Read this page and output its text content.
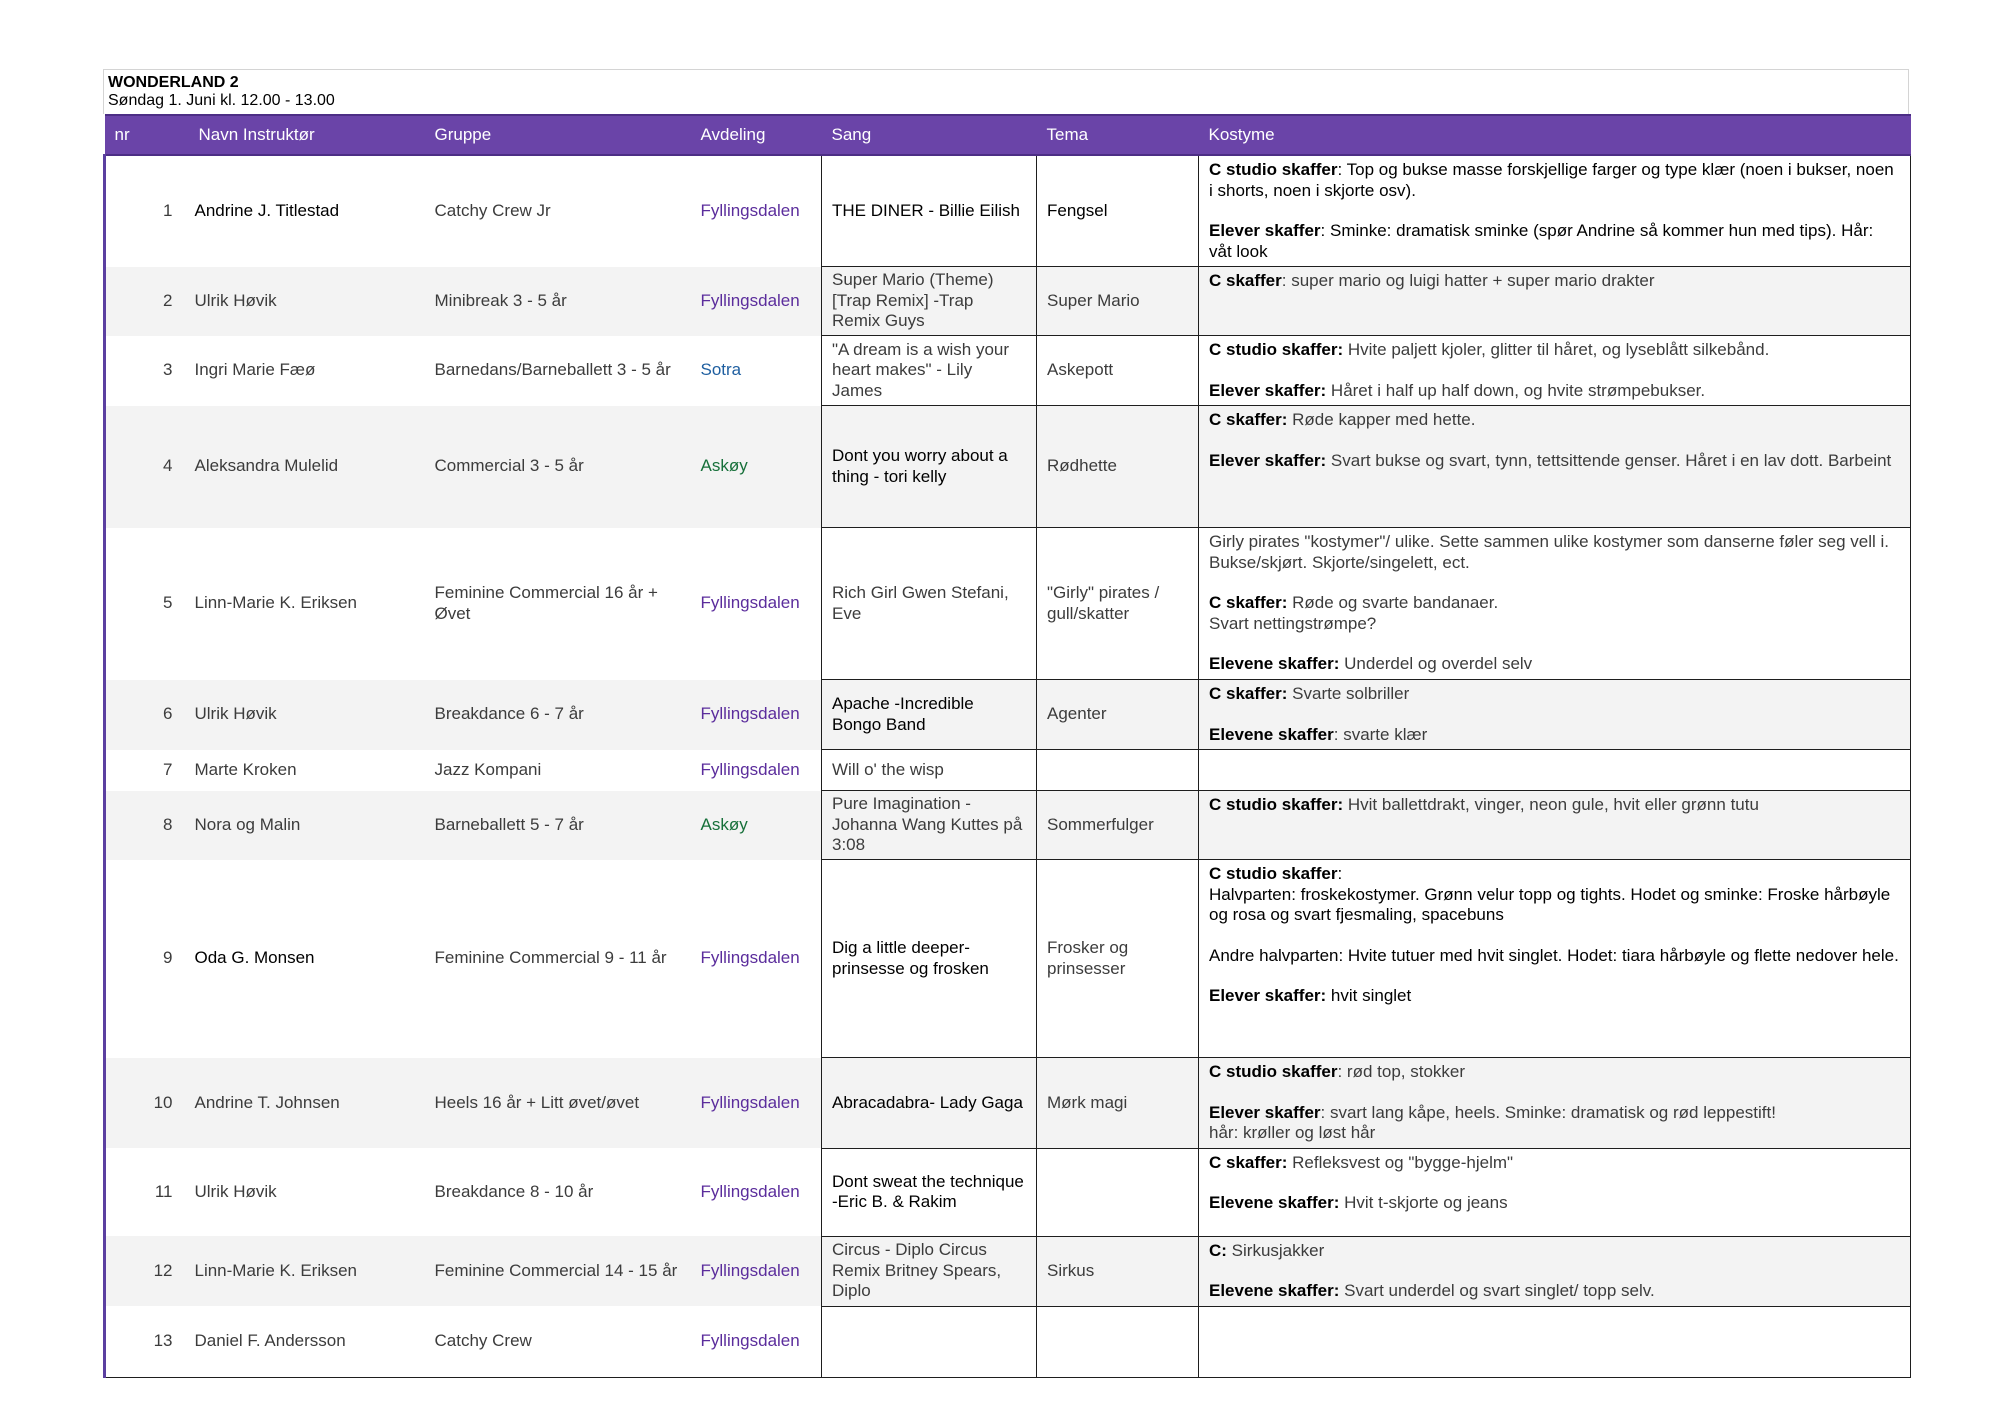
WONDERLAND 2
Søndag 1. Juni kl. 12.00 - 13.00
nr	Navn Instruktør	Gruppe	Avdeling	Sang	Tema	Kostyme
1	Andrine J. Titlestad	Catchy Crew Jr	Fyllingsdalen	THE DINER - Billie Eilish	Fengsel	C studio skaffer: Top og bukse masse forskjellige farger og type klær (noen i bukser, noen i shorts, noen i skjorte osv).
Elever skaffer: Sminke: dramatisk sminke (spør Andrine så kommer hun med tips). Hår: våt look

2	Ulrik Høvik	Minibreak 3 - 5 år	Fyllingsdalen	Super Mario (Theme) [Trap Remix] -Trap Remix Guys	Super Mario	C skaffer: super mario og luigi hatter + super mario drakter

3	Ingri Marie Fæø	Barnedans/Barneballett 3 - 5 år	Sotra	"A dream is a wish your heart makes" - Lily James	Askepott	C studio skaffer: Hvite paljett kjoler, glitter til håret, og lyseblått silkebånd.
Elever skaffer: Håret i half up half down, og hvite strømpebukser.

4	Aleksandra Mulelid	Commercial 3 - 5 år	Askøy	Dont you worry about a thing - tori kelly	Rødhette	C skaffer: Røde kapper med hette.
Elever skaffer: Svart bukse og svart, tynn, tettsittende genser. Håret i en lav dott. Barbeint

5	Linn-Marie K. Eriksen	Feminine Commercial 16 år + Øvet	Fyllingsdalen	Rich Girl Gwen Stefani, Eve	"Girly" pirates / gull/skatter	Girly pirates "kostymer"/ ulike. Sette sammen ulike kostymer som danserne føler seg vell i. Bukse/skjørt. Skjorte/singelett, ect.
C skaffer: Røde og svarte bandanaer.
Svart nettingstrømpe?
Elevene skaffer: Underdel og overdel selv

6	Ulrik Høvik	Breakdance 6 - 7 år	Fyllingsdalen	Apache -Incredible Bongo Band	Agenter	C skaffer: Svarte solbriller
Elevene skaffer: svarte klær

7	Marte Kroken	Jazz Kompani	Fyllingsdalen	Will o' the wisp		
8	Nora og Malin	Barneballett 5 - 7 år	Askøy	Pure Imagination - Johanna Wang Kuttes på 3:08	Sommerfulger	C studio skaffer: Hvit ballettdrakt, vinger, neon gule, hvit eller grønn tutu

9	Oda G. Monsen	Feminine Commercial 9 - 11 år	Fyllingsdalen	Dig a little deeper- prinsesse og frosken	Frosker og prinsesser	C studio skaffer:
Halvparten: froskekostymer. Grønn velur topp og tights. Hodet og sminke: Froske hårbøyle og rosa og svart fjesmaling, spacebuns
Andre halvparten: Hvite tutuer med hvit singlet. Hodet: tiara hårbøyle og flette nedover hele.
Elever skaffer: hvit singlet

10	Andrine T. Johnsen	Heels 16 år + Litt øvet/øvet	Fyllingsdalen	Abracadabra- Lady Gaga	Mørk magi	C studio skaffer: rød top, stokker
Elever skaffer: svart lang kåpe, heels. Sminke: dramatisk og rød leppestift!
hår: krøller og løst hår

11	Ulrik Høvik	Breakdance 8 - 10 år	Fyllingsdalen	Dont sweat the technique -Eric B. & Rakim		C skaffer: Refleksvest og "bygge-hjelm"
Elevene skaffer: Hvit t-skjorte og jeans

12	Linn-Marie K. Eriksen	Feminine Commercial 14 - 15 år	Fyllingsdalen	Circus - Diplo Circus Remix Britney Spears, Diplo	Sirkus	C: Sirkusjakker
Elevene skaffer: Svart underdel og svart singlet/ topp selv.

13	Daniel F. Andersson	Catchy Crew	Fyllingsdalen			
